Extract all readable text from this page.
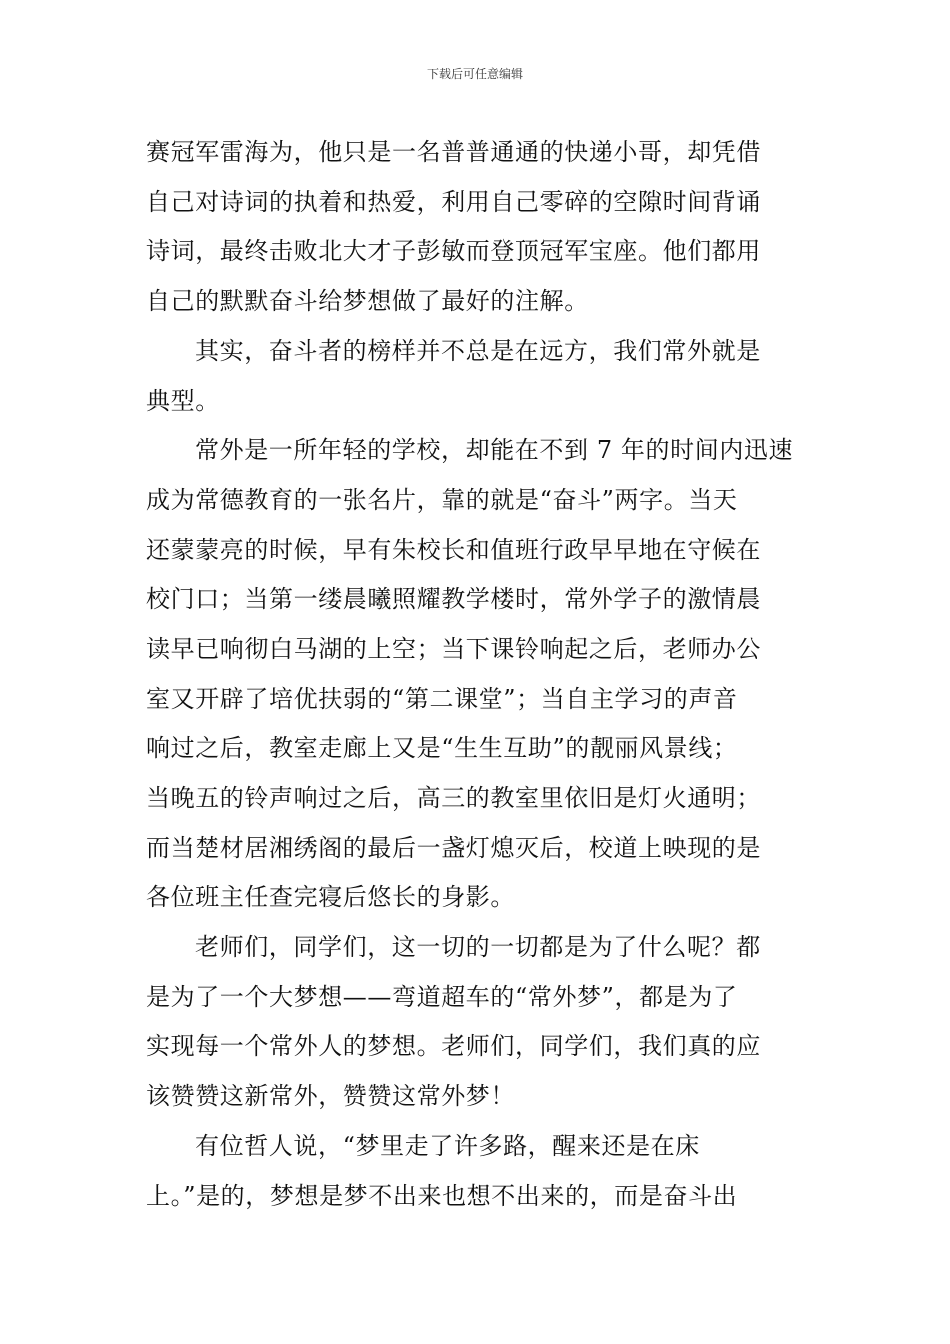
下载后可任意编辑
赛冠军雷海为，他只是一名普普通通的快递小哥，却凭借
自己对诗词的执着和热爱，利用自己零碎的空隙时间背诵
诗词，最终击败北大才子彭敏而登顶冠军宝座。他们都用
自己的默默奋斗给梦想做了最好的注解。
其实，奋斗者的榜样并不总是在远方，我们常外就是
典型。
常外是一所年轻的学校，却能在不到 7 年的时间内迅速
成为常德教育的一张名片，靠的就是“奋斗”两字。当天
还蒙蒙亮的时候，早有朱校长和值班行政早早地在守候在
校门口；当第一缕晨曦照耀教学楼时，常外学子的激情晨
读早已响彻白马湖的上空；当下课铃响起之后，老师办公
室又开辟了培优扶弱的“第二课堂”；当自主学习的声音
响过之后，教室走廊上又是“生生互助”的靓丽风景线；
当晚五的铃声响过之后，高三的教室里依旧是灯火通明；
而当楚材居湘绣阁的最后一盏灯熄灭后，校道上映现的是
各位班主任查完寝后悠长的身影。
老师们，同学们，这一切的一切都是为了什么呢？都
是为了一个大梦想——弯道超车的“常外梦”，都是为了
实现每一个常外人的梦想。老师们，同学们，我们真的应
该赞赞这新常外，赞赞这常外梦！
有位哲人说，“梦里走了许多路，醒来还是在床
上。”是的，梦想是梦不出来也想不出来的，而是奋斗出
